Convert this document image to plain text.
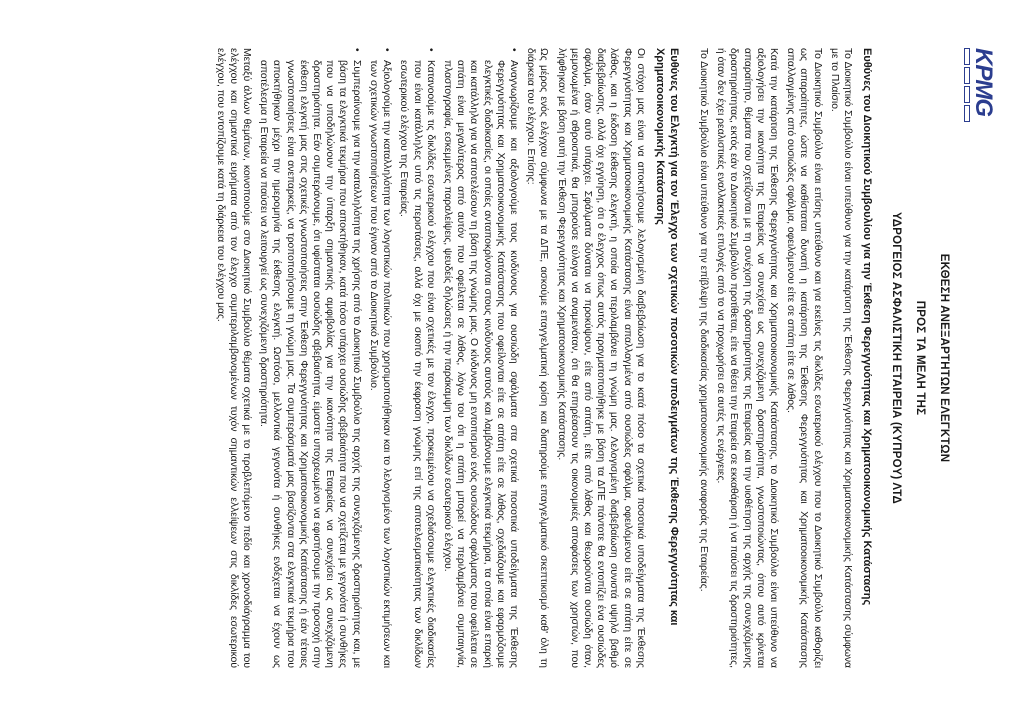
KPMG
ΕΚΘΕΣΗ ΑΝΕΞΑΡΤΗΤΩΝ ΕΛΕΓΚΤΩΝ
ΠΡΟΣ ΤΑ ΜΕΛΗ ΤΗΣ
ΥΔΡΟΓΕΙΟΣ ΑΣΦΑΛΙΣΤΙΚΗ ΕΤΑΙΡΕΙΑ (ΚΥΠΡΟΥ) ΛΤΔ
Ευθύνες του Διοικητικού Συμβουλίου για την Έκθεση Φερεγγυότητας και Χρηματοοικονομικής Κατάστασης

Το Διοικητικό Συμβούλιο είναι υπεύθυνο για την κατάρτιση της Έκθεσης Φερεγγυότητας και Χρηματοοικονομικής Κατάστασης σύμφωνα με το Πλαίσιο.

Το Διοικητικό Συμβούλιο είναι επίσης υπεύθυνο και για εκείνες τις δικλίδες εσωτερικού ελέγχου που το Διοικητικό Συμβούλιο καθορίζει ως απαραίτητες, ώστε να καθίσταται δυνατή η κατάρτιση της Έκθεσης Φερεγγυότητας και Χρηματοοικονομικής Κατάστασης απαλλαγμένης από ουσιώδες σφάλμα, οφειλόμενου είτε σε απάτη είτε σε λάθος.

Κατά την κατάρτιση της Έκθεσης Φερεγγυότητας και Χρηματοοικονομικής Κατάστασης, το Διοικητικό Συμβούλιο είναι υπεύθυνο να αξιολογήσει την ικανότητα της Εταιρείας να συνεχίσει ως συνεχιζόμενη δραστηριότητα, γνωστοποιώντας, όπου αυτό κρίνεται απαραίτητο, θέματα που σχετίζονται με τη συνέχιση της δραστηριότητας της Εταιρείας και την υιοθέτηση της αρχής της συνεχιζόμενης δραστηριότητας, εκτός εάν το Διοικητικό Συμβούλιο προτίθεται, είτε να θέσει την Εταιρεία σε εκκαθάριση ή να παύσει τις δραστηριότητες, ή όταν δεν έχει ρεαλιστικές εναλλακτικές επιλογές από το να προχωρήσει σε αυτές τις ενέργειες.

Το Διοικητικό Συμβούλιο είναι υπεύθυνο για την επίβλεψη της διαδικασίας χρηματοοικονομικής αναφοράς της Εταιρείας.

Ευθύνες του Ελεγκτή για τον Έλεγχο των σχετικών ποσοτικών υποδειγμάτων της Έκθεσης Φερεγγυότητας και Χρηματοοικονομικής Κατάστασης

Οι στόχοι μας είναι να αποκτήσουμε λελογισμένη διαβεβαίωση για το κατά πόσο τα σχετικά ποσοτικά υποδείγματα της Έκθεσης Φερεγγυότητας και Χρηματοοικονομικής Κατάστασης είναι απαλλαγμένα από ουσιώδες σφάλμα, οφειλόμενου είτε σε απάτη είτε σε λάθος, και η έκδοση έκθεσης ελεγκτή, η οποία να περιλαμβάνει τη γνώμη μας. Λελογισμένη διαβεβαίωση συνιστά υψηλό βαθμό διαβεβαίωσης, αλλά όχι εγγύηση, ότι ο έλεγχος όπως αυτός πραγματοποιήθηκε με βάση τα ΔΠΕ πάντοτε θα εντοπίζει ένα ουσιώδες σφάλμα, όταν αυτό υπάρχει. Σφάλματα δύναται να προκύψουν, είτε από απάτη, είτε από λάθος και θεωρούνται ουσιώδη όταν, μεμονωμένα ή αθροιστικά, θα μπορούσε εύλογα να αναμενόταν, ότι θα επηρέασουν τις οικονομικές αποφάσεις των χρηστών, που λήφθηκαν με βάση αυτή την Έκθεση Φερεγγυότητας και Χρηματοοικονομικής Κατάστασης.

Ως μέρος ενός ελέγχου σύμφωνα με τα ΔΠΕ, ασκούμε επαγγελματική κρίση και διατηρούμε επαγγελματικό σκεπτικισμό καθ' όλη τη διάρκεια του ελέγχου. Επίσης:

•
Αναγνωρίζουμε και αξιολογούμε τους κινδύνους για ουσιώδη σφάλματα στα σχετικά ποσοτικά υποδείγματα της Έκθεσης Φερεγγυότητας και Χρηματοοικονομικής Κατάστασης που οφείλονται είτε σε απάτη είτε σε λάθος, σχεδιάζουμε και εφαρμόζουμε ελεγκτικές διαδικασίες, οι οποίες ανταποκρίνονται στους κινδύνους αυτούς και λαμβάνουμε ελεγκτικά τεκμήρια, τα οποία είναι επαρκή και κατάλληλα για να αποτελέσουν τη βάση της γνώμης μας. Ο κίνδυνος μη εντοπισμού ενός ουσιώδους σφάλματος που οφείλεται σε απάτη είναι μεγαλύτερος από αυτόν που οφείλεται σε λάθος, λόγω του ότι η απάτη μπορεί να περιλαμβάνει συμπαιγνία, πλαστογραφία, εσκεμμένες παραλείψεις, ψευδείς δηλώσεις ή την παράκαμψη των δικλίδων εσωτερικού ελέγχου.
•
Κατανοούμε τις δικλίδες εσωτερικού ελέγχου που είναι σχετικές με τον έλεγχο, προκειμένου να σχεδιάσουμε ελεγκτικές διαδικασίες που είναι κατάλληλες υπό τις περιστάσεις, αλλά όχι με σκοπό την έκφραση γνώμης επί της αποτελεσματικότητας των δικλίδων εσωτερικού ελέγχου της Εταιρείας.
•
Αξιολογούμε την καταλληλότητα των λογιστικών πολιτικών που χρησιμοποιήθηκαν και το λελογισμένο των λογιστικών εκτιμήσεων και των σχετικών γνωστοποιήσεων που έγιναν από το Διοικητικό Συμβούλιο.
•
Συμπεραίνουμε για την καταλληλότητα της χρήσης από το Διοικητικό Συμβούλιο της αρχής της συνεχιζόμενης δραστηριότητας και, με βάση τα ελεγκτικά τεκμήρια που αποκτήθηκαν, κατά πόσο υπάρχει ουσιώδης αβεβαιότητα που να σχετίζεται με γεγονότα ή συνθήκες που να υποδηλώνουν την ύπαρξη σημαντικής αμφιβολίας για την ικανότητα της Εταιρείας να συνεχίσει ως συνεχιζόμενη δραστηριότητα. Εάν συμπεράνουμε, ότι υφίσταται ουσιώδης αβεβαιότητα, είμαστε υποχρεωμένοι να εφιστήσουμε την προσοχή στην έκθεση ελεγκτή μας στις σχετικές γνωστοποιήσεις στην Έκθεση Φερεγγυότητας και Χρηματοοικονομικής Κατάστασης ή εάν τέτοιες γνωστοποιήσεις είναι ανεπαρκείς, να τροποποιήσουμε τη γνώμη μας. Τα συμπεράσματά μας βασίζονται στα ελεγκτικά τεκμήρια που αποκτήθηκαν μέχρι την ημερομηνία της έκθεσης ελεγκτή. Ωστόσο, μελλοντικά γεγονότα ή συνθήκες ενδέχεται να έχουν ως αποτέλεσμα η Εταιρεία να παύσει να λειτουργεί ως συνεχιζόμενη δραστηριότητα.

Μεταξύ άλλων θεμάτων, κοινοποιούμε στο Διοικητικό Συμβούλιο θέματα σχετικά με το προβλεπόμενο πεδίο και χρονοδιάγραμμα του ελέγχου και σημαντικά ευρήματα από τον έλεγχο συμπεριλαμβανομένων τυχόν σημαντικών ελλείψεων στις δικλίδες εσωτερικού ελέγχου, που εντοπίζουμε κατά τη διάρκεια του ελέγχου μας.
